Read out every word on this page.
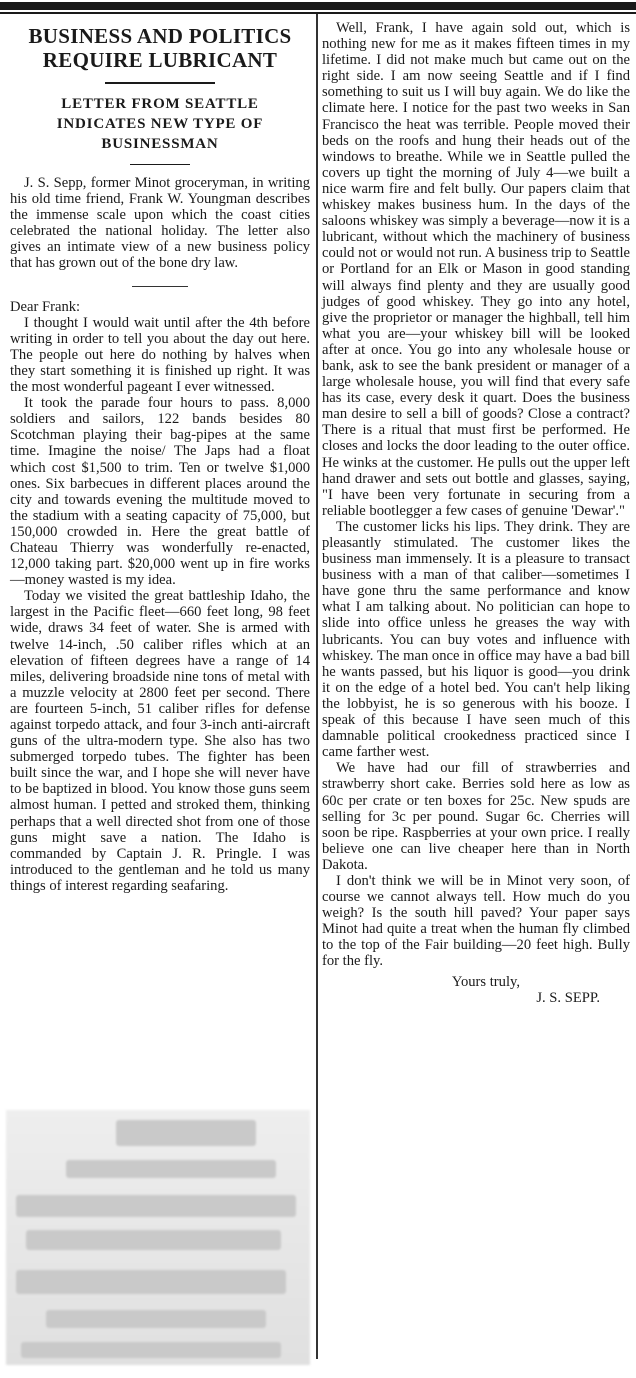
BUSINESS AND POLITICS
REQUIRE LUBRICANT
LETTER FROM SEATTLE INDICATES NEW TYPE OF BUSINESSMAN

J. S. Sepp, former Minot groceryman, in writing his old time friend, Frank W. Youngman describes the immense scale upon which the coast cities celebrated the national holiday. The letter also gives an intimate view of a new business policy that has grown out of the bone dry law.

Dear Frank:

I thought I would wait until after the 4th before writing in order to tell you about the day out here. The people out here do nothing by halves when they start something it is finished up right. It was the most wonderful pageant I ever witnessed.

It took the parade four hours to pass. 8,000 soldiers and sailors, 122 bands besides 80 Scotchman playing their bag-pipes at the same time. Imagine the noise/ The Japs had a float which cost $1,500 to trim. Ten or twelve $1,000 ones. Six barbecues in different places around the city and towards evening the multitude moved to the stadium with a seating capacity of 75,000, but 150,000 crowded in. Here the great battle of Chateau Thierry was wonderfully re-enacted, 12,000 taking part. $20,000 went up in fire works—money wasted is my idea.

Today we visited the great battleship Idaho, the largest in the Pacific fleet—660 feet long, 98 feet wide, draws 34 feet of water. She is armed with twelve 14-inch, .50 caliber rifles which at an elevation of fifteen degrees have a range of 14 miles, delivering broadside nine tons of metal with a muzzle velocity at 2800 feet per second. There are fourteen 5-inch, 51 caliber rifles for defense against torpedo attack, and four 3-inch anti-aircraft guns of the ultra-modern type. She also has two submerged torpedo tubes. The fighter has been built since the war, and I hope she will never have to be baptized in blood. You know those guns seem almost human. I petted and stroked them, thinking perhaps that a well directed shot from one of those guns might save a nation. The Idaho is commanded by Captain J. R. Pringle. I was introduced to the gentleman and he told us many things of interest regarding seafaring.

Well, Frank, I have again sold out, which is nothing new for me as it makes fifteen times in my lifetime. I did not make much but came out on the right side. I am now seeing Seattle and if I find something to suit us I will buy again. We do like the climate here. I notice for the past two weeks in San Francisco the heat was terrible. People moved their beds on the roofs and hung their heads out of the windows to breathe. While we in Seattle pulled the covers up tight the morning of July 4—we built a nice warm fire and felt bully. Our papers claim that whiskey makes business hum. In the days of the saloons whiskey was simply a beverage—now it is a lubricant, without which the machinery of business could not or would not run. A business trip to Seattle or Portland for an Elk or Mason in good standing will always find plenty and they are usually good judges of good whiskey. They go into any hotel, give the proprietor or manager the highball, tell him what you are—your whiskey bill will be looked after at once. You go into any wholesale house or bank, ask to see the bank president or manager of a large wholesale house, you will find that every safe has its case, every desk it quart. Does the business man desire to sell a bill of goods? Close a contract? There is a ritual that must first be performed. He closes and locks the door leading to the outer office. He winks at the customer. He pulls out the upper left hand drawer and sets out bottle and glasses, saying, "I have been very fortunate in securing from a reliable bootlegger a few cases of genuine 'Dewar'."

The customer licks his lips. They drink. They are pleasantly stimulated. The customer likes the business man immensely. It is a pleasure to transact business with a man of that caliber—sometimes I have gone thru the same performance and know what I am talking about. No politician can hope to slide into office unless he greases the way with lubricants. You can buy votes and influence with whiskey. The man once in office may have a bad bill he wants passed, but his liquor is good—you drink it on the edge of a hotel bed. You can't help liking the lobbyist, he is so generous with his booze. I speak of this because I have seen much of this damnable political crookedness practiced since I came farther west.

We have had our fill of strawberries and strawberry short cake. Berries sold here as low as 60c per crate or ten boxes for 25c. New spuds are selling for 3c per pound. Sugar 6c. Cherries will soon be ripe. Raspberries at your own price. I really believe one can live cheaper here than in North Dakota.

I don't think we will be in Minot very soon, of course we cannot always tell. How much do you weigh? Is the south hill paved? Your paper says Minot had quite a treat when the human fly climbed to the top of the Fair building—20 feet high. Bully for the fly.

Yours truly,
J. S. SEPP.
